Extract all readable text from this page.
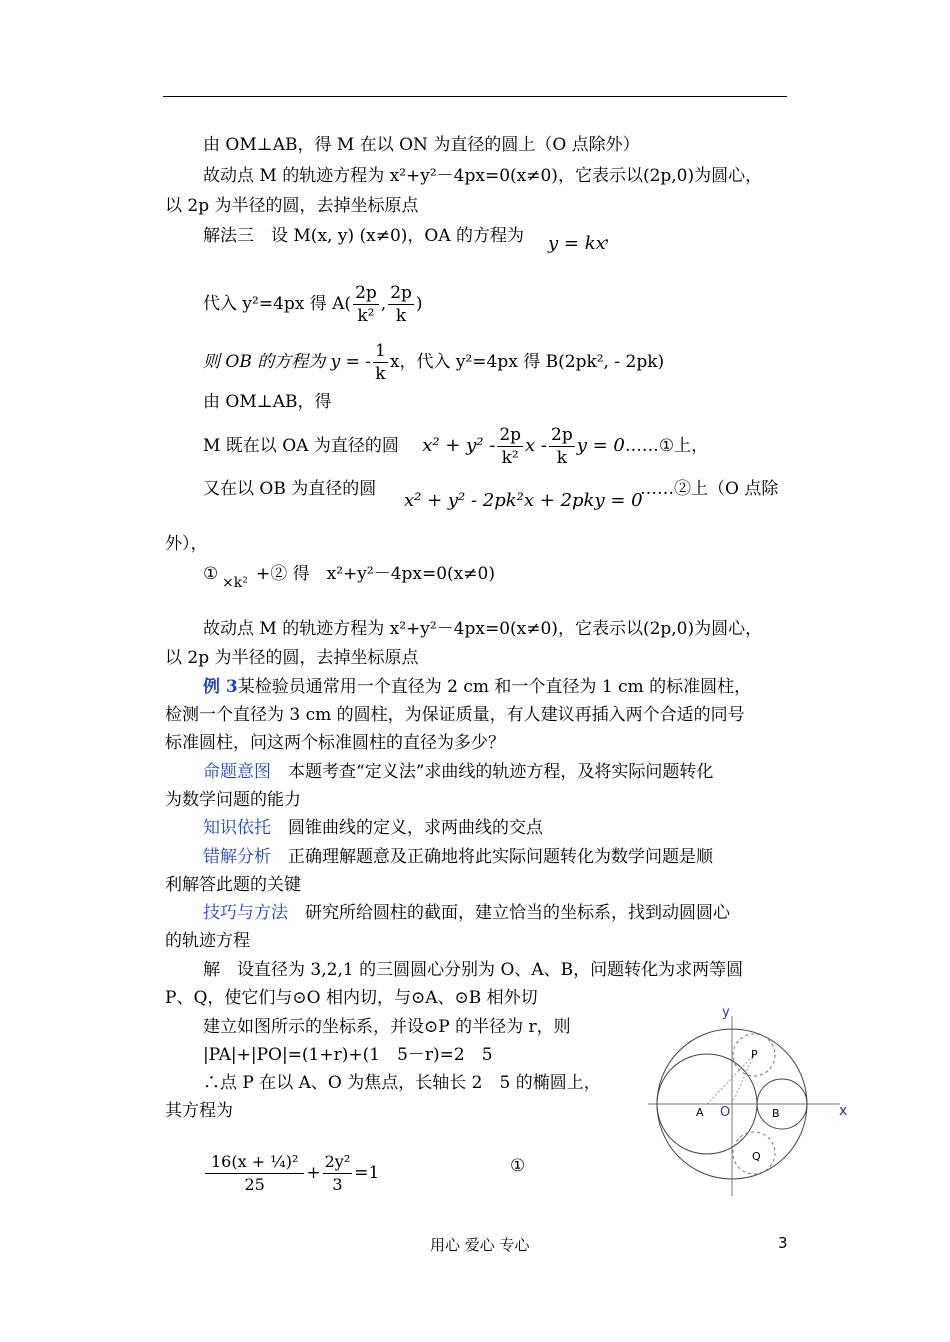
由 OM⊥AB，得 M 在以 ON 为直径的圆上（O 点除外）
故动点 M 的轨迹方程为 x²+y²－4px=0(x≠0)，它表示以(2p,0)为圆心，
以 2p 为半径的圆，去掉坐标原点
解法三　设 M(x, y) (x≠0)，OA 的方程为 y = kx
，
代入 y²=4px 得 $A( \frac{2p}{\text{k²}}$ , $\frac{2p}{k}$ )
则 OB 的方程为 y = - $\frac{1}{k}$ x，代入 y²=4px 得 B(2pk², - 2pk)
由 OM⊥AB，得
M 既在以 OA 为直径的圆 $x^2 + y^2 - \frac{2p}{\text{k²}}$ x - $\frac{2p}{k}$ y = 0……①上，
又在以 OB 为直径的圆
x² + y² - 2pk²x + 2pky = 0
……②上（O 点除
外），
① ×k² +② 得　x²+y²－4px=0(x≠0)
故动点 M 的轨迹方程为 x²+y²－4px=0(x≠0)，它表示以(2p,0)为圆心，
以 2p 为半径的圆，去掉坐标原点
例 3某检验员通常用一个直径为 2 cm 和一个直径为 1 cm 的标准圆柱，
检测一个直径为 3 cm 的圆柱，为保证质量，有人建议再插入两个合适的同号
标准圆柱，问这两个标准圆柱的直径为多少？
命题意图　 本题考查“定义法”求曲线的轨迹方程，及将实际问题转化
为数学问题的能力
知识依托　 圆锥曲线的定义，求两曲线的交点
错解分析　 正确理解题意及正确地将此实际问题转化为数学问题是顺
利解答此题的关键
技巧与方法　 研究所给圆柱的截面，建立恰当的坐标系，找到动圆圆心
的轨迹方程
解　设直径为 3,2,1 的三圆圆心分别为 O、A、B，问题转化为求两等圆
P、Q，使它们与⊙O 相内切，与⊙A、⊙B 相外切
建立如图所示的坐标系，并设⊙P 的半径为 r，则
|PA|+|PO|=(1+r)+(1　5－r)=2　5
∴点 P 在以 A、O 为焦点，长轴长 2　5 的椭圆上，
其方程为
$\frac{\text{16(x + ¼)²}}{25} + \frac{\text{2y²}}{3} =1$	①
y
x
P
A O	B
Q
用心 爱心 专心	3
